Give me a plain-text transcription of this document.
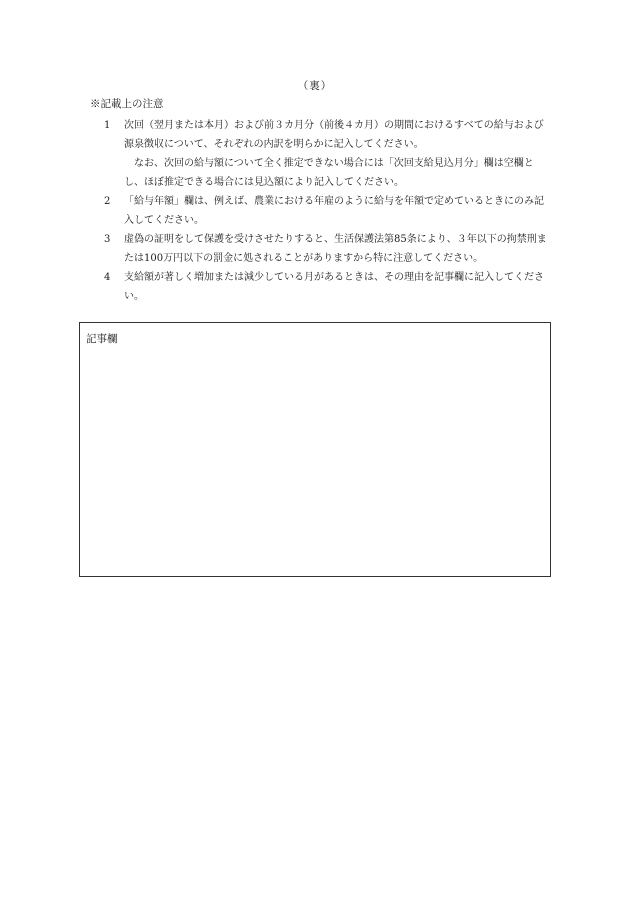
（裏）
※記載上の注意
1	次回（翌月または本月）および前３カ月分（前後４カ月）の期間におけるすべての給与および源泉徴収について、それぞれの内訳を明らかに記入してください。

なお、次回の給与額について全く推定できない場合には「次回支給見込月分」欄は空欄とし、ほぼ推定できる場合には見込額により記入してください。

2	「給与年額」欄は、例えば、農業における年雇のように給与を年額で定めているときにのみ記入してください。

3	虚偽の証明をして保護を受けさせたりすると、生活保護法第85条により、３年以下の拘禁刑または100万円以下の罰金に処されることがありますから特に注意してください。

4	支給額が著しく増加または減少している月があるときは、その理由を記事欄に記入してください。

記事欄
